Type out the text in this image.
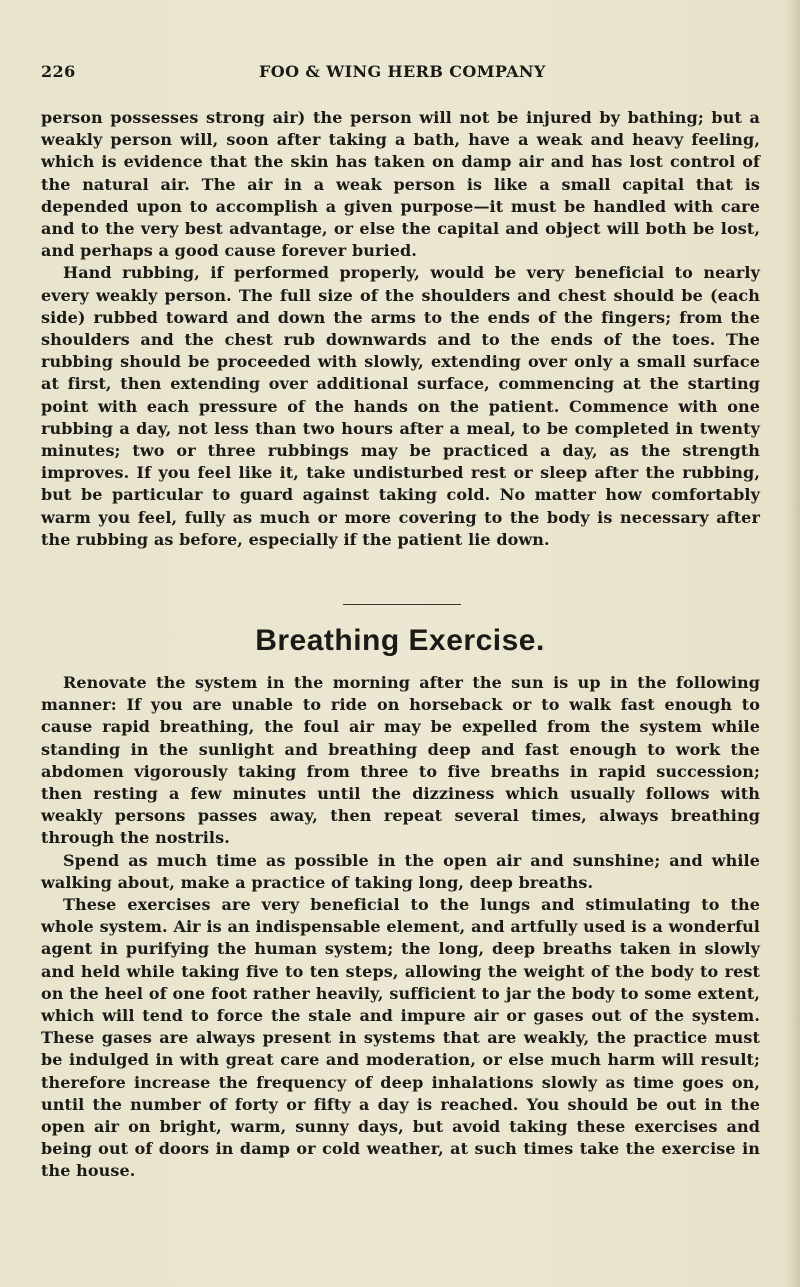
226	FOO & WING HERB COMPANY

person possesses strong air) the person will not be injured by bathing; but a weakly person will, soon after taking a bath, have a weak and heavy feeling, which is evidence that the skin has taken on damp air and has lost control of the natural air. The air in a weak person is like a small capital that is depended upon to accomplish a given purpose—it must be handled with care and to the very best advantage, or else the capital and object will both be lost, and perhaps a good cause forever buried.

Hand rubbing, if performed properly, would be very beneficial to nearly every weakly person. The full size of the shoulders and chest should be (each side) rubbed toward and down the arms to the ends of the fingers; from the shoulders and the chest rub downwards and to the ends of the toes. The rubbing should be proceeded with slowly, extending over only a small surface at first, then extending over additional surface, commencing at the starting point with each pressure of the hands on the patient. Commence with one rubbing a day, not less than two hours after a meal, to be completed in twenty minutes; two or three rubbings may be practiced a day, as the strength improves. If you feel like it, take undisturbed rest or sleep after the rubbing, but be particular to guard against taking cold. No matter how comfortably warm you feel, fully as much or more covering to the body is necessary after the rubbing as before, especially if the patient lie down.

Breathing Exercise.

Renovate the system in the morning after the sun is up in the following manner: If you are unable to ride on horseback or to walk fast enough to cause rapid breathing, the foul air may be expelled from the system while standing in the sunlight and breathing deep and fast enough to work the abdomen vigorously taking from three to five breaths in rapid succession; then resting a few minutes until the dizziness which usually follows with weakly persons passes away, then repeat several times, always breathing through the nostrils.

Spend as much time as possible in the open air and sunshine; and while walking about, make a practice of taking long, deep breaths.

These exercises are very beneficial to the lungs and stimulating to the whole system. Air is an indispensable element, and artfully used is a wonderful agent in purifying the human system; the long, deep breaths taken in slowly and held while taking five to ten steps, allowing the weight of the body to rest on the heel of one foot rather heavily, sufficient to jar the body to some extent, which will tend to force the stale and impure air or gases out of the system. These gases are always present in systems that are weakly, the practice must be indulged in with great care and moderation, or else much harm will result; therefore increase the frequency of deep inhalations slowly as time goes on, until the number of forty or fifty a day is reached. You should be out in the open air on bright, warm, sunny days, but avoid taking these exercises and being out of doors in damp or cold weather, at such times take the exercise in the house.
